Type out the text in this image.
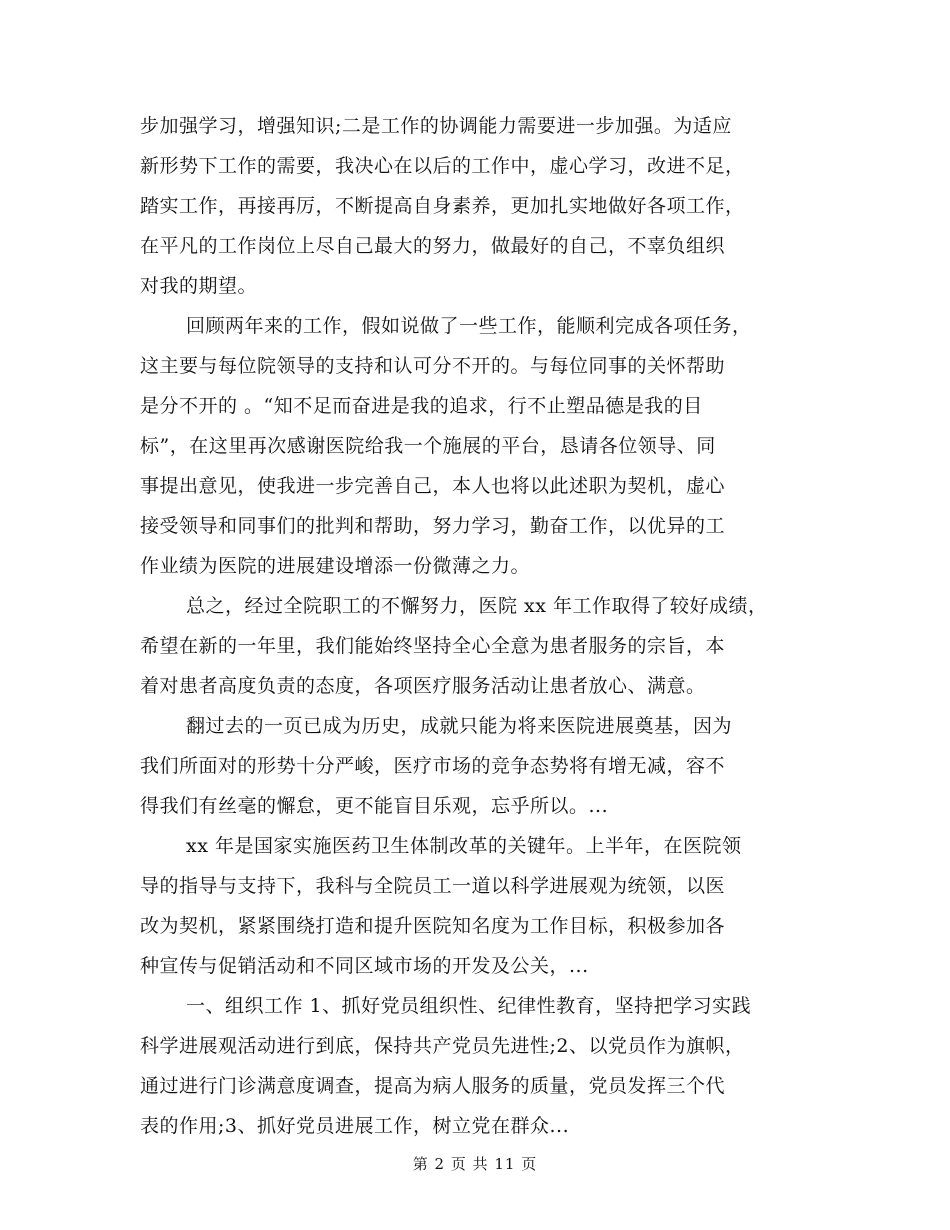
步加强学习，增强知识;二是工作的协调能力需要进一步加强。为适应
新形势下工作的需要，我决心在以后的工作中，虚心学习，改进不足，
踏实工作，再接再厉，不断提高自身素养，更加扎实地做好各项工作，
在平凡的工作岗位上尽自己最大的努力，做最好的自己，不辜负组织
对我的期望。
回顾两年来的工作，假如说做了一些工作，能顺利完成各项任务，
这主要与每位院领导的支持和认可分不开的。与每位同事的关怀帮助
是分不开的 。“知不足而奋进是我的追求，行不止塑品德是我的目
标”，在这里再次感谢医院给我一个施展的平台，恳请各位领导、同
事提出意见，使我进一步完善自己，本人也将以此述职为契机，虚心
接受领导和同事们的批判和帮助，努力学习，勤奋工作，以优异的工
作业绩为医院的进展建设增添一份微薄之力。
总之，经过全院职工的不懈努力，医院 xx 年工作取得了较好成绩，
希望在新的一年里，我们能始终坚持全心全意为患者服务的宗旨，本
着对患者高度负责的态度，各项医疗服务活动让患者放心、满意。
翻过去的一页已成为历史，成就只能为将来医院进展奠基，因为
我们所面对的形势十分严峻，医疗市场的竞争态势将有增无减，容不
得我们有丝毫的懈怠，更不能盲目乐观，忘乎所以。...
xx 年是国家实施医药卫生体制改革的关键年。上半年，在医院领
导的指导与支持下，我科与全院员工一道以科学进展观为统领，以医
改为契机，紧紧围绕打造和提升医院知名度为工作目标，积极参加各
种宣传与促销活动和不同区域市场的开发及公关，...
一、组织工作 1、抓好党员组织性、纪律性教育，坚持把学习实践
科学进展观活动进行到底，保持共产党员先进性;2、以党员作为旗帜，
通过进行门诊满意度调查，提高为病人服务的质量，党员发挥三个代
表的作用;3、抓好党员进展工作，树立党在群众...
第 2 页 共 11 页
